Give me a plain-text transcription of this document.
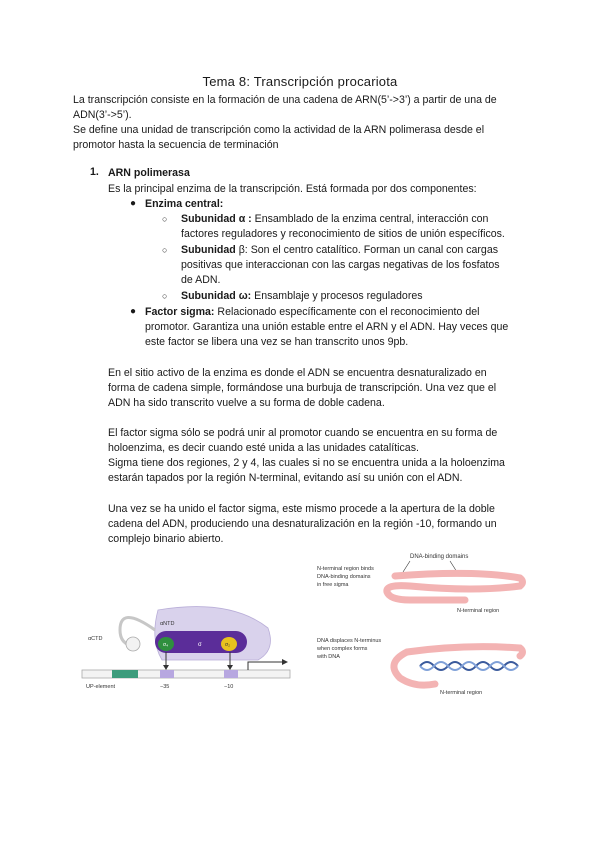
Tema 8: Transcripción procariota
La transcripción consiste en la formación de una cadena de ARN(5’->3’) a partir de una de
ADN(3’->5’).
Se define una unidad de transcripción como la actividad de la ARN polimerasa desde el
promotor hasta la secuencia de terminación
1. ARN polimerasa
Es la principal enzima de la transcripción. Está formada por dos componentes:
● Enzima central:
○ Subunidad α : Ensamblado de la enzima central, interacción con
factores reguladores y reconocimiento de sitios de unión específicos.
○ Subunidad β: Son el centro catalítico. Forman un canal con cargas
positivas que interaccionan con las cargas negativas de los fosfatos
de ADN.
○ Subunidad ω: Ensamblaje y procesos reguladores
● Factor sigma: Relacionado específicamente con el reconocimiento del
promotor. Garantiza una unión estable entre el ARN y el ADN. Hay veces que
este factor se libera una vez se han transcrito unos 9pb.
En el sitio activo de la enzima es donde el ADN se encuentra desnaturalizado en
forma de cadena simple, formándose una burbuja de transcripción. Una vez que el
ADN ha sido transcrito vuelve a su forma de doble cadena.
El factor sigma sólo se podrá unir al promotor cuando se encuentra en su forma de
holoenzima, es decir cuando esté unida a las unidades catalíticas.
Sigma tiene dos regiones, 2 y 4, las cuales si no se encuentra unida a la holoenzima
estarán tapados por la región N-terminal, evitando así su unión con el ADN.
Una vez se ha unido el factor sigma, este mismo procede a la apertura de la doble
cadena del ADN, produciendo una desnaturalización en la región -10, formando un
complejo binario abierto.
αNTD
αCTD
σ
σ₄	σ₂
UP-element	−35	−10
DNA-binding domains
N-terminal region binds
DNA-binding domains
in free sigma
N-terminal region
DNA displaces N-terminus
when complex forms
with DNA
N-terminal region
